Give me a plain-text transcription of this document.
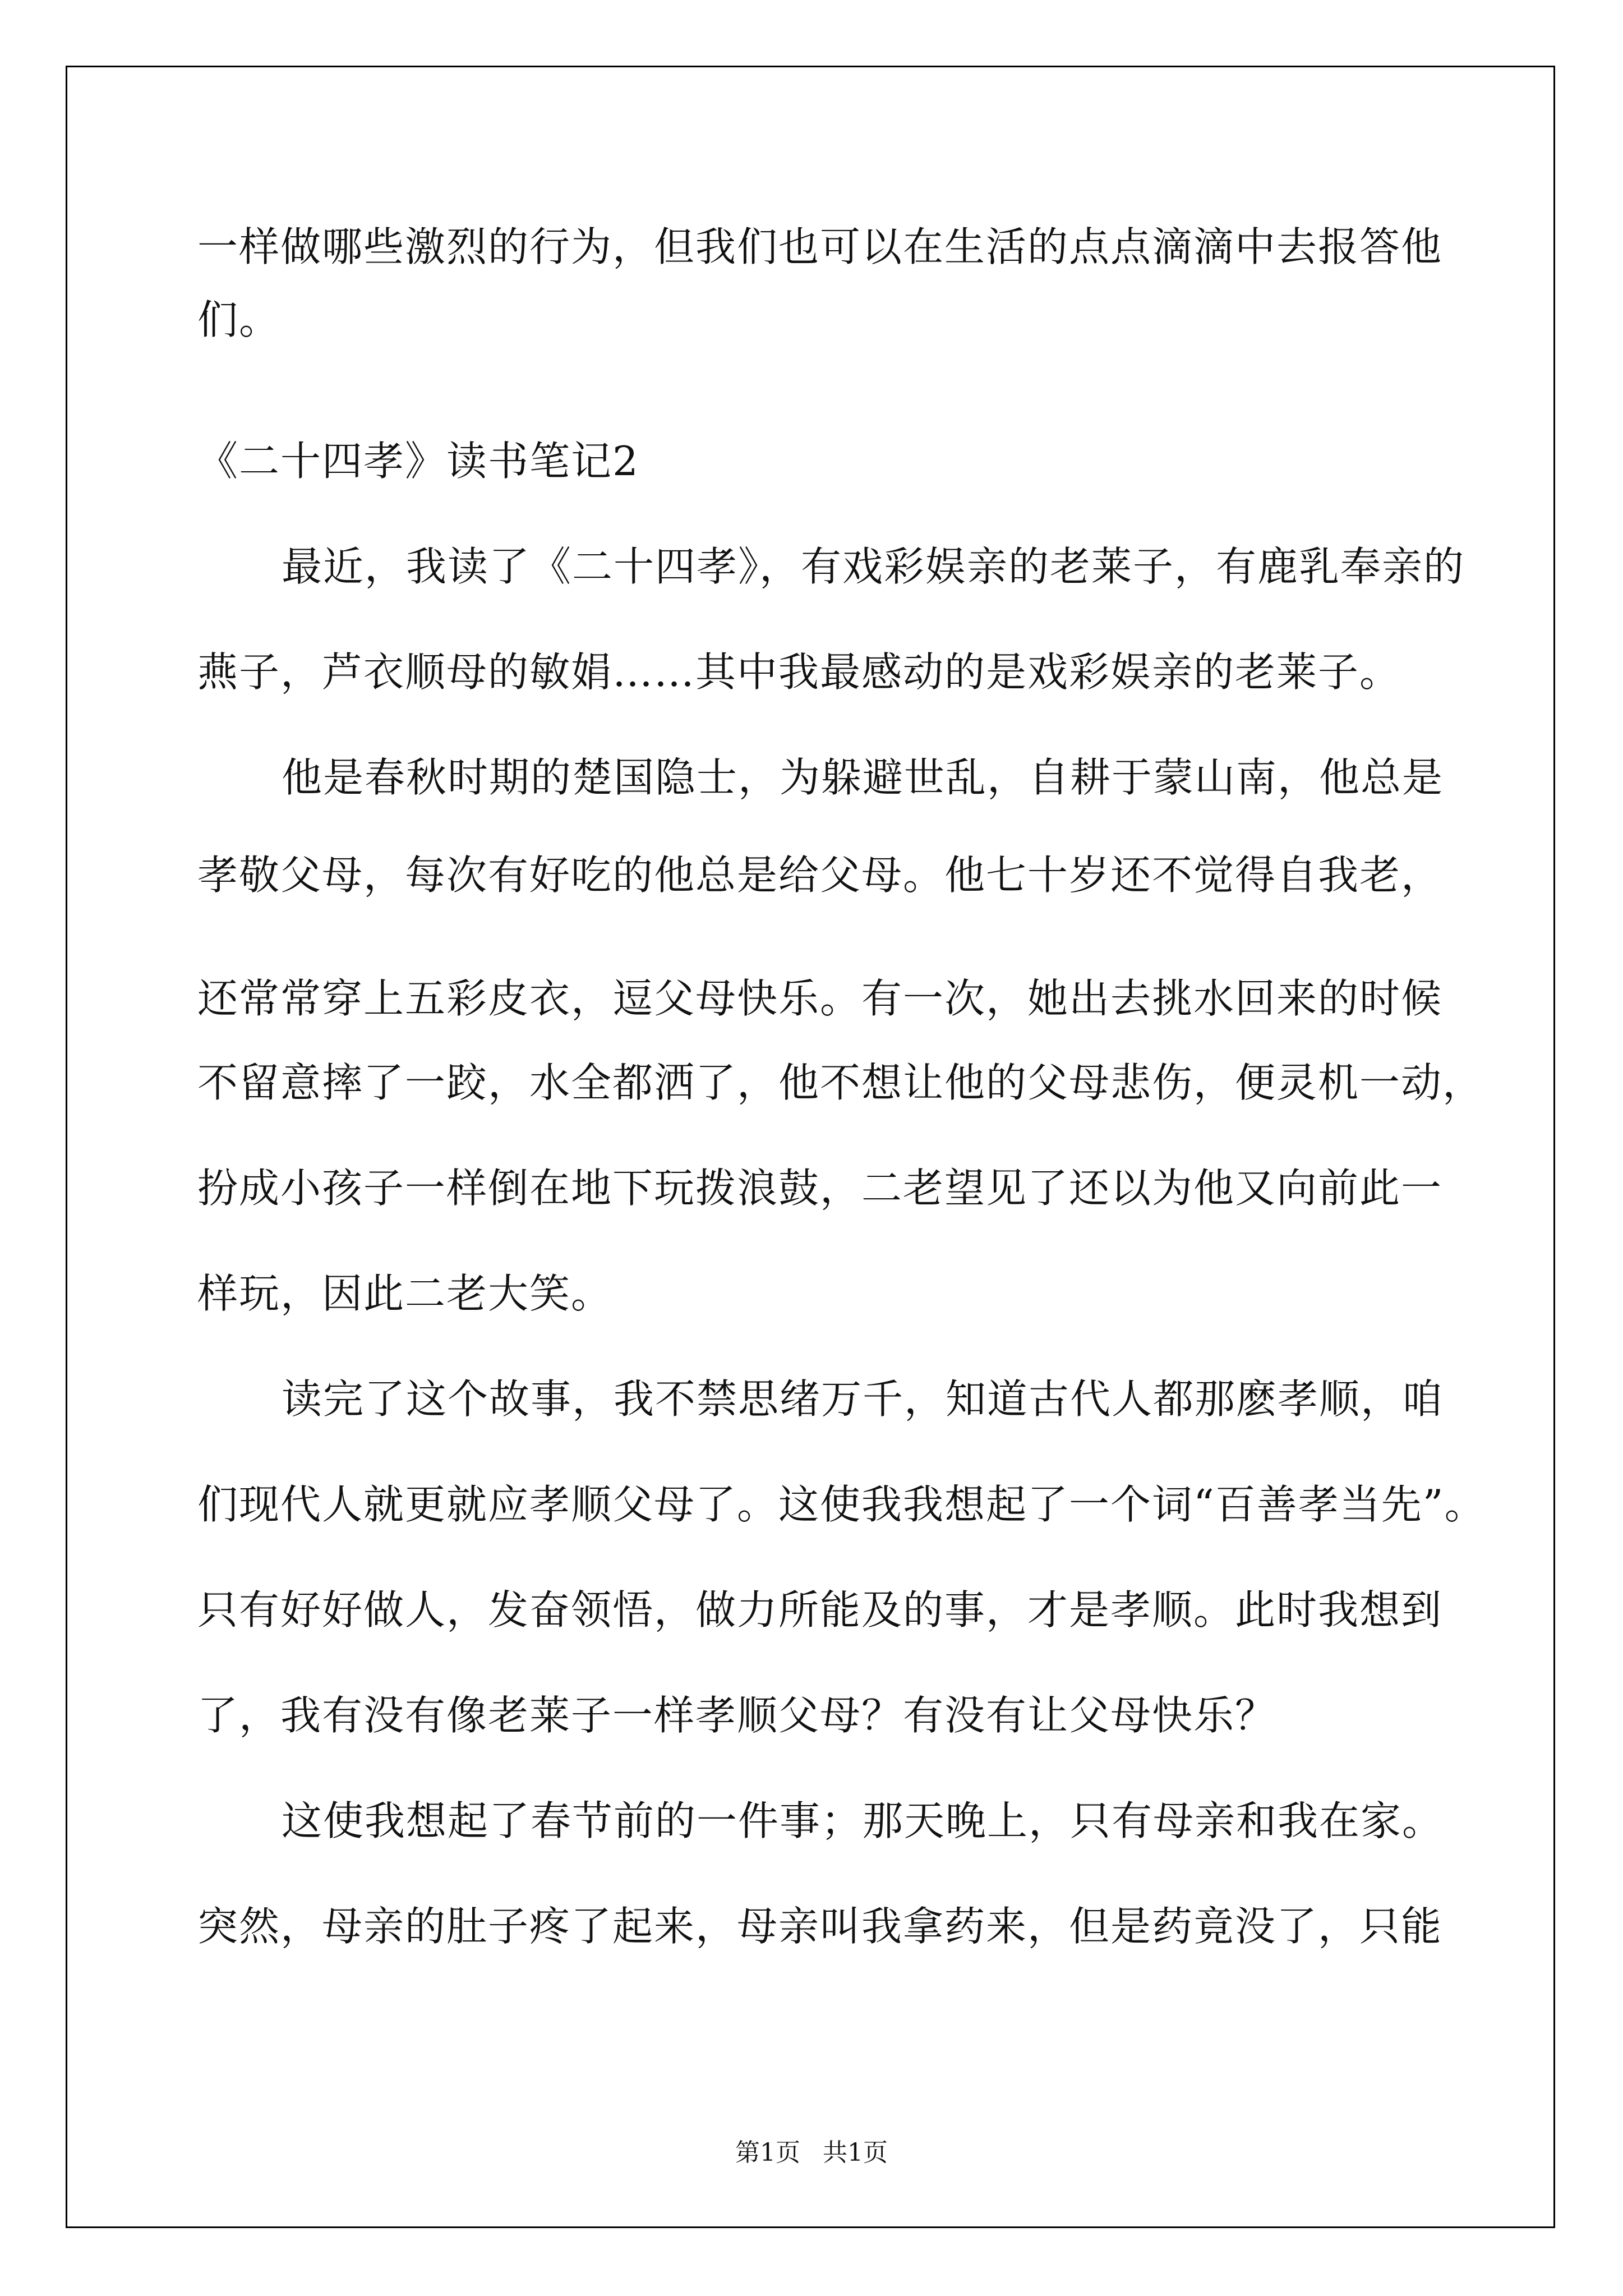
一样做哪些激烈的行为，但我们也可以在生活的点点滴滴中去报答他
们。
《二十四孝》读书笔记2
最近，我读了《二十四孝》，有戏彩娱亲的老莱子，有鹿乳奉亲的
燕子，芦衣顺母的敏娟……其中我最感动的是戏彩娱亲的老莱子。
他是春秋时期的楚国隐士，为躲避世乱，自耕于蒙山南，他总是
孝敬父母，每次有好吃的他总是给父母。他七十岁还不觉得自我老，
还常常穿上五彩皮衣，逗父母快乐。有一次，她出去挑水回来的时候
不留意摔了一跤，水全都洒了，他不想让他的父母悲伤，便灵机一动，
扮成小孩子一样倒在地下玩拨浪鼓，二老望见了还以为他又向前此一
样玩，因此二老大笑。
读完了这个故事，我不禁思绪万千，知道古代人都那麽孝顺，咱
们现代人就更就应孝顺父母了。这使我我想起了一个词“百善孝当先”。
只有好好做人，发奋领悟，做力所能及的事，才是孝顺。此时我想到
了，我有没有像老莱子一样孝顺父母？有没有让父母快乐？
这使我想起了春节前的一件事；那天晚上，只有母亲和我在家。
突然，母亲的肚子疼了起来，母亲叫我拿药来，但是药竟没了，只能
第1页 共1页
